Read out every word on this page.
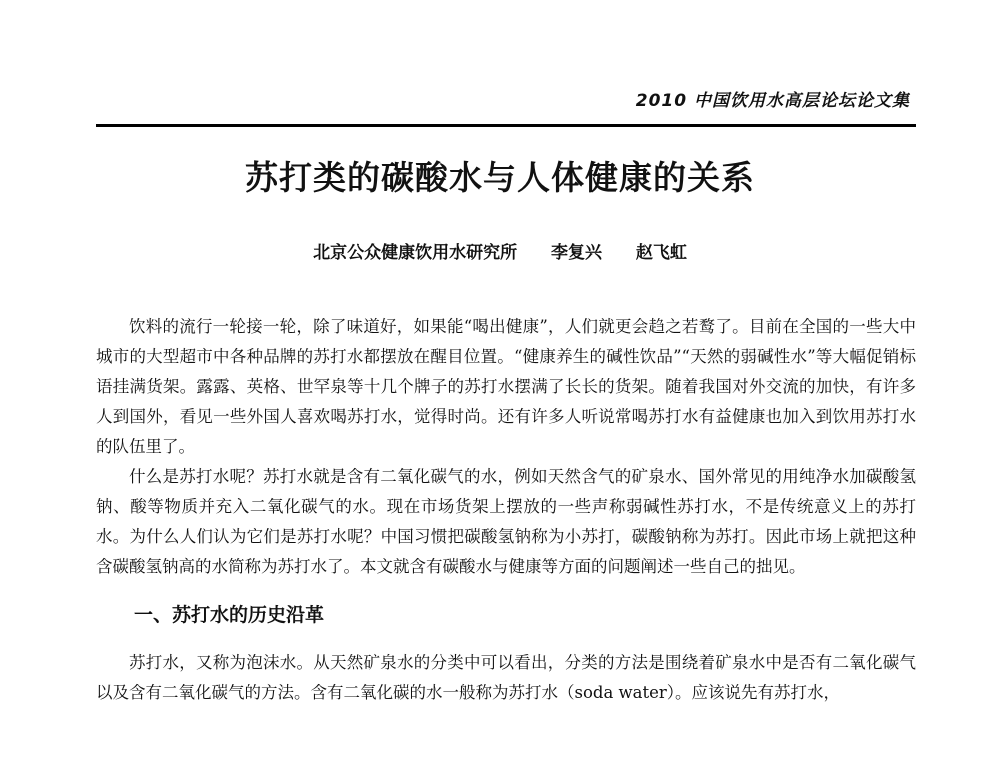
2010 中国饮用水高层论坛论文集
苏打类的碳酸水与人体健康的关系
北京公众健康饮用水研究所 李复兴 赵飞虹

饮料的流行一轮接一轮，除了味道好，如果能“喝出健康”，人们就更会趋之若鹜了。目前在全国的一些大中城市的大型超市中各种品牌的苏打水都摆放在醒目位置。“健康养生的碱性饮品”“天然的弱碱性水”等大幅促销标语挂满货架。露露、英格、世罕泉等十几个牌子的苏打水摆满了长长的货架。随着我国对外交流的加快，有许多人到国外，看见一些外国人喜欢喝苏打水，觉得时尚。还有许多人听说常喝苏打水有益健康也加入到饮用苏打水的队伍里了。

什么是苏打水呢？苏打水就是含有二氧化碳气的水，例如天然含气的矿泉水、国外常见的用纯净水加碳酸氢钠、酸等物质并充入二氧化碳气的水。现在市场货架上摆放的一些声称弱碱性苏打水，不是传统意义上的苏打水。为什么人们认为它们是苏打水呢？中国习惯把碳酸氢钠称为小苏打，碳酸钠称为苏打。因此市场上就把这种含碳酸氢钠高的水简称为苏打水了。本文就含有碳酸水与健康等方面的问题阐述一些自己的拙见。

一、苏打水的历史沿革

苏打水，又称为泡沫水。从天然矿泉水的分类中可以看出，分类的方法是围绕着矿泉水中是否有二氧化碳气以及含有二氧化碳气的方法。含有二氧化碳的水一般称为苏打水（soda water）。应该说先有苏打水，
